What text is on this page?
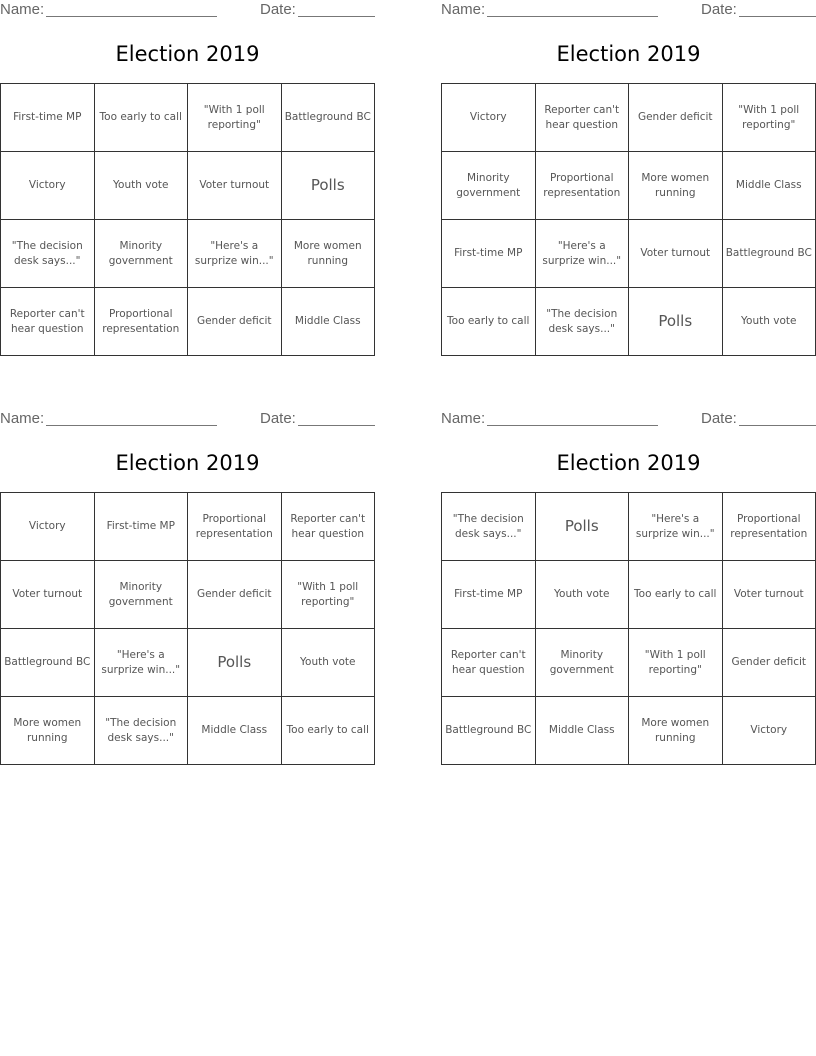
Name:	Date:
Election 2019
First-time MP	Too early to call	"With 1 poll reporting"	Battleground BC
Victory	Youth vote	Voter turnout	Polls
"The decision desk says..."	Minority government	"Here's a surprize win..."	More women running
Reporter can't hear question	Proportional representation	Gender deficit	Middle Class
Name:	Date:
Election 2019
Victory	Reporter can't hear question	Gender deficit	"With 1 poll reporting"
Minority government	Proportional representation	More women running	Middle Class
First-time MP	"Here's a surprize win..."	Voter turnout	Battleground BC
Too early to call	"The decision desk says..."	Polls	Youth vote
Name:	Date:
Election 2019
Victory	First-time MP	Proportional representation	Reporter can't hear question
Voter turnout	Minority government	Gender deficit	"With 1 poll reporting"
Battleground BC	"Here's a surprize win..."	Polls	Youth vote
More women running	"The decision desk says..."	Middle Class	Too early to call
Name:	Date:
Election 2019
"The decision desk says..."	Polls	"Here's a surprize win..."	Proportional representation
First-time MP	Youth vote	Too early to call	Voter turnout
Reporter can't hear question	Minority government	"With 1 poll reporting"	Gender deficit
Battleground BC	Middle Class	More women running	Victory
